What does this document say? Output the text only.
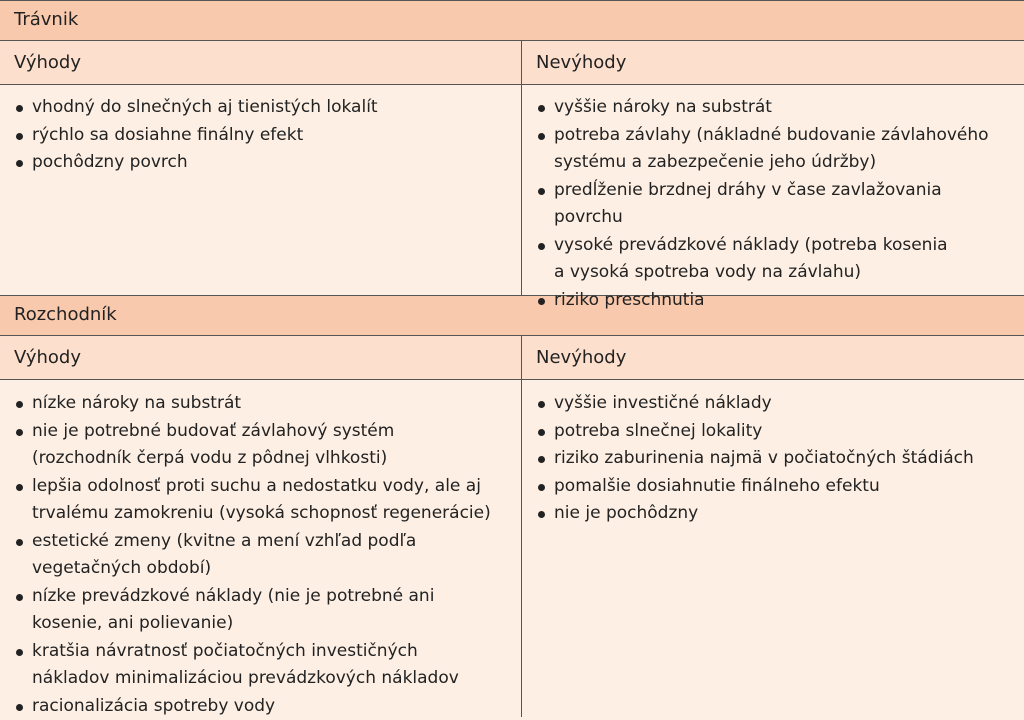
Trávnik
Výhody	Nevýhody
vhodný do slnečných aj tienistých lokalít
rýchlo sa dosiahne finálny efekt
pochôdzny povrch
vyššie nároky na substrát
potreba závlahy (nákladné budovanie závlahového
systému a zabezpečenie jeho údržby)
predĺženie brzdnej dráhy v čase zavlažovania povrchu
vysoké prevádzkové náklady (potreba kosenia
a vysoká spotreba vody na závlahu)
riziko preschnutia
Rozchodník
Výhody	Nevýhody
nízke nároky na substrát
nie je potrebné budovať závlahový systém
(rozchodník čerpá vodu z pôdnej vlhkosti)
lepšia odolnosť proti suchu a nedostatku vody, ale aj
trvalému zamokreniu (vysoká schopnosť regenerácie)
estetické zmeny (kvitne a mení vzhľad podľa
vegetačných období)
nízke prevádzkové náklady (nie je potrebné ani
kosenie, ani polievanie)
kratšia návratnosť počiatočných investičných
nákladov minimalizáciou prevádzkových nákladov
racionalizácia spotreby vody
vyššie investičné náklady
potreba slnečnej lokality
riziko zaburinenia najmä v počiatočných štádiách
pomalšie dosiahnutie finálneho efektu
nie je pochôdzny
